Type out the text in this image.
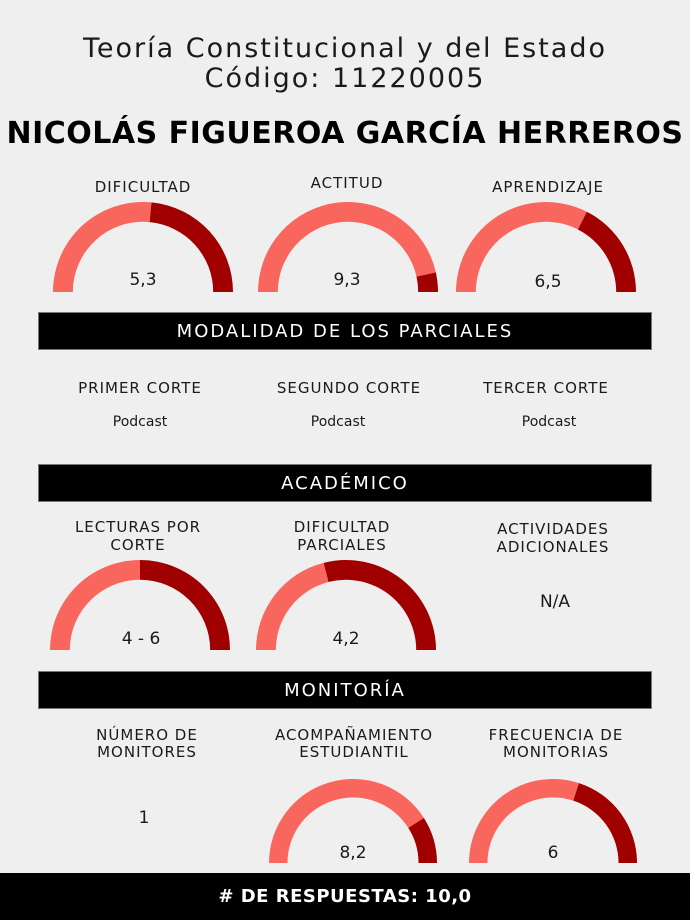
Teoría Constitucional y del Estado
Código: 11220005
NICOLÁS FIGUEROA GARCÍA HERREROS
DIFICULTAD
5,3
ACTITUD
9,3
APRENDIZAJE
6,5
MODALIDAD DE LOS PARCIALES
PRIMER CORTE
Podcast
SEGUNDO CORTE
Podcast
TERCER CORTE
Podcast
ACADÉMICO
LECTURAS POR
CORTE
4 - 6
DIFICULTAD
PARCIALES
4,2
ACTIVIDADES
ADICIONALES
N/A
MONITORÍA
NÚMERO DE
MONITORES
1
ACOMPAÑAMIENTO
ESTUDIANTIL
8,2
FRECUENCIA DE
MONITORIAS
6
# DE RESPUESTAS: 10,0
